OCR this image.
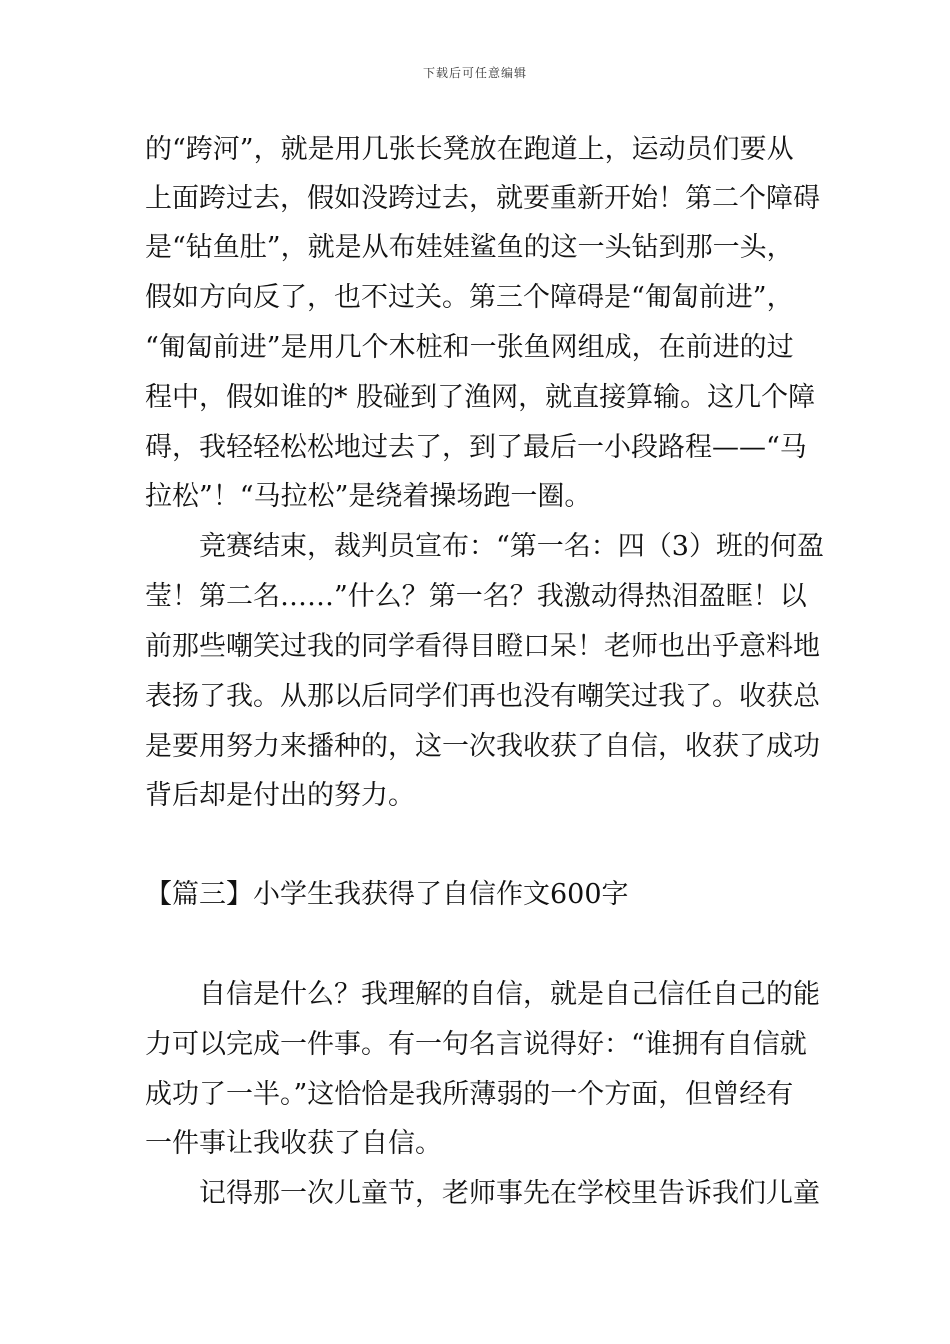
下载后可任意编辑
的“跨河”，就是用几张长凳放在跑道上，运动员们要从
上面跨过去，假如没跨过去，就要重新开始！第二个障碍
是“钻鱼肚”，就是从布娃娃鲨鱼的这一头钻到那一头，
假如方向反了，也不过关。第三个障碍是“匍匐前进”，
“匍匐前进”是用几个木桩和一张鱼网组成，在前进的过
程中，假如谁的* 股碰到了渔网，就直接算输。这几个障
碍，我轻轻松松地过去了，到了最后一小段路程——“马
拉松”！“马拉松”是绕着操场跑一圈。
竞赛结束，裁判员宣布：“第一名：四（3）班的何盈
莹！第二名……”什么？第一名？我激动得热泪盈眶！以
前那些嘲笑过我的同学看得目瞪口呆！老师也出乎意料地
表扬了我。从那以后同学们再也没有嘲笑过我了。收获总
是要用努力来播种的，这一次我收获了自信，收获了成功
背后却是付出的努力。
【篇三】小学生我获得了自信作文600字
自信是什么？我理解的自信，就是自己信任自己的能
力可以完成一件事。有一句名言说得好：“谁拥有自信就
成功了一半。”这恰恰是我所薄弱的一个方面，但曾经有
一件事让我收获了自信。
记得那一次儿童节，老师事先在学校里告诉我们儿童
